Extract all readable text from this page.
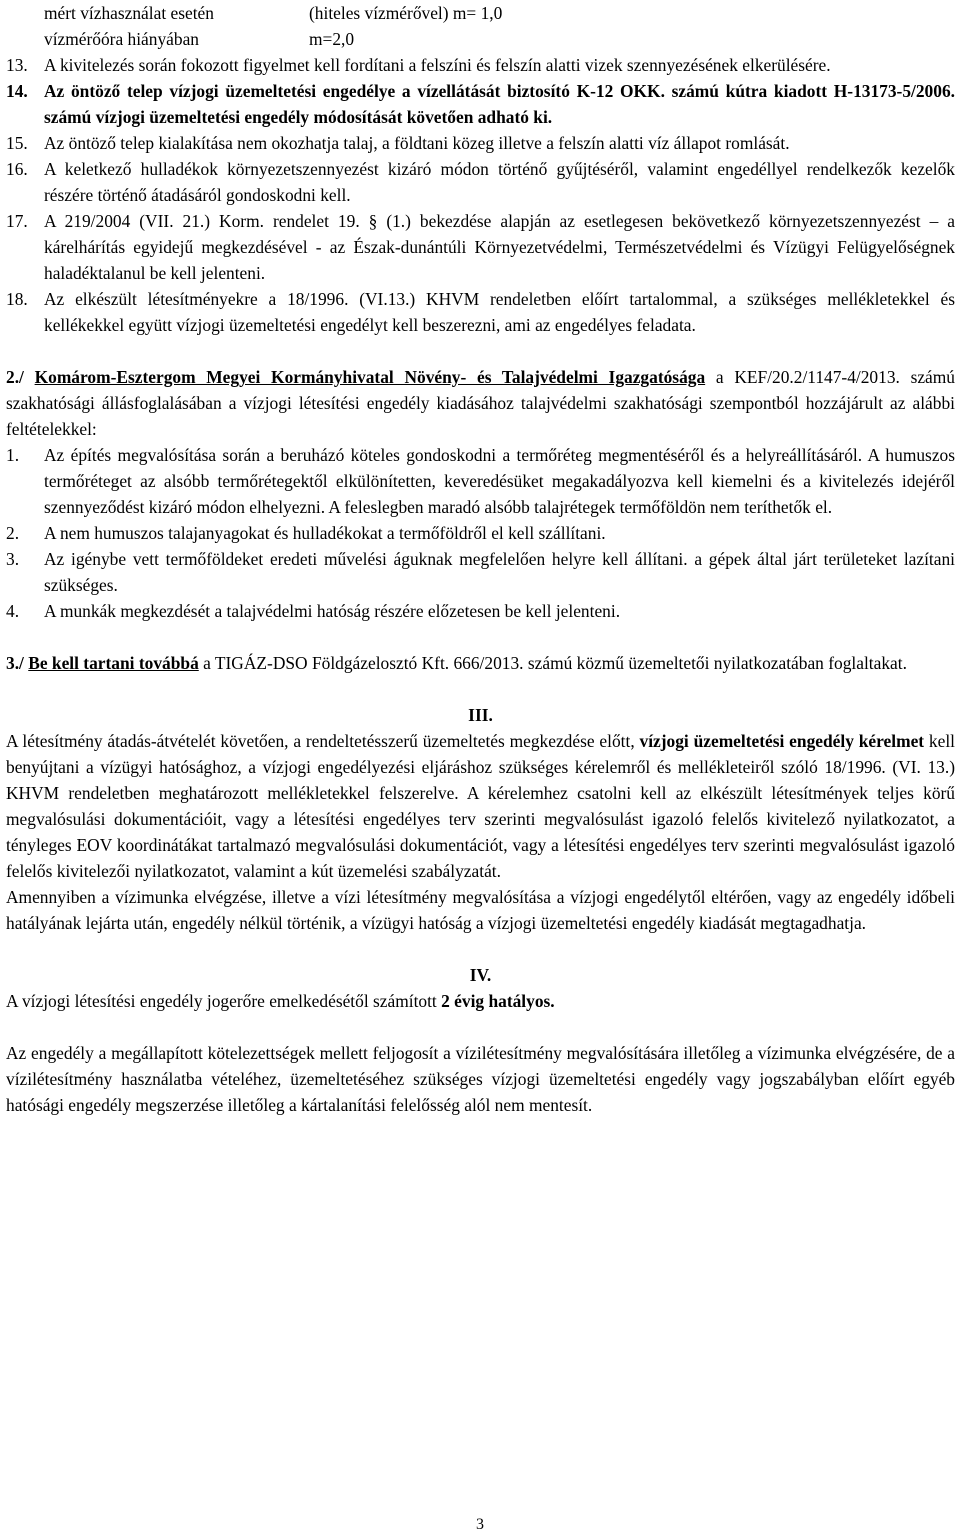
mért vízhasználat esetén	(hiteles vízmérővel) m= 1,0
vízmérőóra hiányában	m=2,0
13. A kivitelezés során fokozott figyelmet kell fordítani a felszíni és felszín alatti vizek szennyezésének elkerülésére.
14. Az öntöző telep vízjogi üzemeltetési engedélye a vízellátását biztosító K-12 OKK. számú kútra kiadott H-13173-5/2006. számú vízjogi üzemeltetési engedély módosítását követően adható ki.
15. Az öntöző telep kialakítása nem okozhatja talaj, a földtani közeg illetve a felszín alatti víz állapot romlását.
16. A keletkező hulladékok környezetszennyezést kizáró módon történő gyűjtéséről, valamint engedéllyel rendelkezők kezelők részére történő átadásáról gondoskodni kell.
17. A 219/2004 (VII. 21.) Korm. rendelet 19. § (1.) bekezdése alapján az esetlegesen bekövetkező környezetszennyezést – a kárelhárítás egyidejű megkezdésével - az Észak-dunántúli Környezetvédelmi, Természetvédelmi és Vízügyi Felügyelőségnek haladéktalanul be kell jelenteni.
18. Az elkészült létesítményekre a 18/1996. (VI.13.) KHVM rendeletben előírt tartalommal, a szükséges mellékletekkel és kellékekkel együtt vízjogi üzemeltetési engedélyt kell beszerezni, ami az engedélyes feladata.

2./ Komárom-Esztergom Megyei Kormányhivatal Növény- és Talajvédelmi Igazgatósága a KEF/20.2/1147-4/2013. számú szakhatósági állásfoglalásában a vízjogi létesítési engedély kiadásához talajvédelmi szakhatósági szempontból hozzájárult az alábbi feltételekkel:

1.	Az építés megvalósítása során a beruházó köteles gondoskodni a termőréteg megmentéséről és a helyreállításáról. A humuszos termőréteget az alsóbb termőrétegektől elkülönítetten, keveredésüket megakadályozva kell kiemelni és a kivitelezés idejéről szennyeződést kizáró módon elhelyezni. A feleslegben maradó alsóbb talajrétegek termőföldön nem teríthetők el.
2.	A nem humuszos talajanyagokat és hulladékokat a termőföldről el kell szállítani.
3.	Az igénybe vett termőföldeket eredeti művelési águknak megfelelően helyre kell állítani. a gépek által járt területeket lazítani szükséges.
4.	A munkák megkezdését a talajvédelmi hatóság részére előzetesen be kell jelenteni.

3./ Be kell tartani továbbá a TIGÁZ-DSO Földgázelosztó Kft. 666/2013. számú közmű üzemeltetői nyilatkozatában foglaltakat.

III.

A létesítmény átadás-átvételét követően, a rendeltetésszerű üzemeltetés megkezdése előtt, vízjogi üzemeltetési engedély kérelmet kell benyújtani a vízügyi hatósághoz, a vízjogi engedélyezési eljáráshoz szükséges kérelemről és mellékleteiről szóló 18/1996. (VI. 13.) KHVM rendeletben meghatározott mellékletekkel felszerelve. A kérelemhez csatolni kell az elkészült létesítmények teljes körű megvalósulási dokumentációit, vagy a létesítési engedélyes terv szerinti megvalósulást igazoló felelős kivitelező nyilatkozatot, a tényleges EOV koordinátákat tartalmazó megvalósulási dokumentációt, vagy a létesítési engedélyes terv szerinti megvalósulást igazoló felelős kivitelezői nyilatkozatot, valamint a kút üzemelési szabályzatát.

Amennyiben a vízimunka elvégzése, illetve a vízi létesítmény megvalósítása a vízjogi engedélytől eltérően, vagy az engedély időbeli hatályának lejárta után, engedély nélkül történik, a vízügyi hatóság a vízjogi üzemeltetési engedély kiadását megtagadhatja.

IV.

A vízjogi létesítési engedély jogerőre emelkedésétől számított 2 évig hatályos.

Az engedély a megállapított kötelezettségek mellett feljogosít a vízilétesítmény megvalósítására illetőleg a vízimunka elvégzésére, de a vízilétesítmény használatba vételéhez, üzemeltetéséhez szükséges vízjogi üzemeltetési engedély vagy jogszabályban előírt egyéb hatósági engedély megszerzése illetőleg a kártalanítási felelősség alól nem mentesít.

3
